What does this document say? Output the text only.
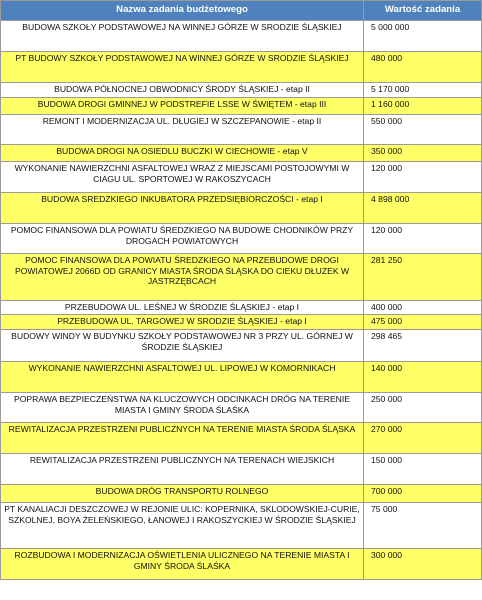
Nazwa zadania budżetowego	Wartość zadania
BUDOWA SZKOŁY PODSTAWOWEJ NA WINNEJ GÓRZE W SRODZIE ŚLĄSKIEJ	5 000 000
PT BUDOWY SZKOŁY PODSTAWOWEJ NA WINNEJ GÓRZE W SRODZIE ŚLĄSKIEJ	480 000
BUDOWA PÓŁNOCNEJ OBWODNICY ŚRODY ŚLĄSKIEJ - etap II	5 170 000
BUDOWA DROGI GMINNEJ W PODSTREFIE LSSE W ŚWIĘTEM - etap III	1 160 000
REMONT I MODERNIZACJA UL. DŁUGIEJ W SZCZEPANOWIE - etap II	550 000
BUDOWA DROGI NA OSIEDLU BUCZKI W CIECHOWIE - etap V	350 000
WYKONANIE NAWIERZCHNI ASFALTOWEJ WRAZ Z MIEJSCAMI POSTOJOWYMI W CIAGU UL. SPORTOWEJ W RAKOSZYCACH	120 000
BUDOWA SREDZKIEGO INKUBATORA PRZEDSIĘBIORCZOŚCI - etap I	4 898 000
POMOC FINANSOWA DLA POWIATU ŚREDZKIEGO NA BUDOWE CHODNIKÓW PRZY DROGACH POWIATOWYCH	120 000
POMOC FINANSOWA DLA POWIATU ŚREDZKIEGO NA PRZEBUDOWE DROGI POWIATOWEJ 2066D OD GRANICY MIASTA ŚRODA ŚLĄSKA DO CIEKU DŁUZEK W JASTRZĘBCACH	281 250
PRZEBUDOWA UL. LEŚNEJ W ŚRODZIE ŚLĄSKIEJ - etap I	400 000
PRZEBUDOWA UL. TARGOWEJ W SRODZIE ŚLĄSKIEJ - etap I	475 000
BUDOWY WINDY W BUDYNKU SZKOŁY PODSTAWOWEJ NR 3 PRZY UL. GÓRNEJ W ŚRODZIE ŚLĄSKIEJ	298 465
WYKONANIE NAWIERZCHNI ASFALTOWEJ UL. LIPOWEJ W KOMORNIKACH	140 000
POPRAWA BEZPIECZEŃSTWA NA KLUCZOWYCH ODCINKACH DRÓG NA TERENIE MIASTA I GMINY ŚRODA ŚLAŚKA	250 000
REWITALIZACJA PRZESTRZENI PUBLICZNYCH NA TERENIE MIASTA ŚRODA ŚLĄSKA	270 000
REWITALIZACJA PRZESTRZENI PUBLICZNYCH NA TERENACH WIEJSKICH	150 000
BUDOWA DRÓG TRANSPORTU ROLNEGO	700 000
PT KANALIACJI DESZCZOWEJ W REJONIE ULIC: KOPERNIKA, SKLODOWSKIEJ-CURIE, SZKOLNEJ, BOYA ŻELEŃSKIEGO, ŁANOWEJ I RAKOSZYCKIEJ W ŚRODZIE ŚLĄSKIEJ	75 000
ROZBUDOWA I MODERNIZACJA OŚWIETLENIA ULICZNEGO NA TERENIE MIASTA I GMINY ŚRODA ŚLAŚKA	300 000
